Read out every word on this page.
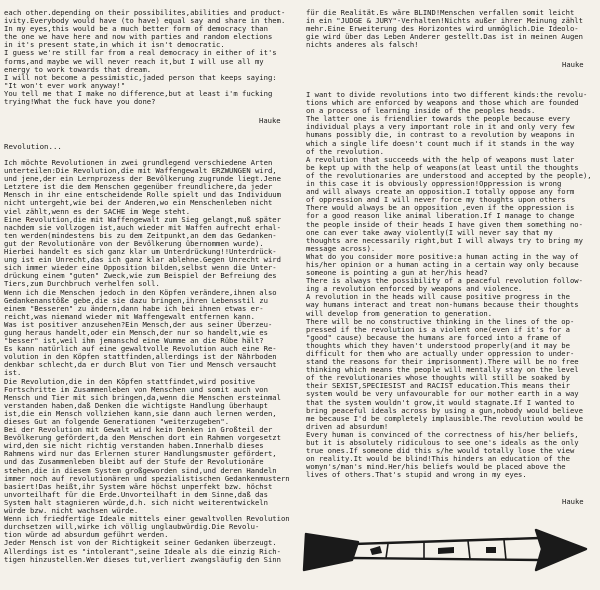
each other.depending on their possibilites,abilities and product-
ivity.Everybody would have (to have) equal say and share in them.
In my eyes,this would be a much better form of democracy than
the one we have here and now with parties and random elections
in it's present state,in which it isn't democratic.
I guess we're still far from a real democracy in either of it's
forms,and maybe we will never reach it,but I will use all my
energy to work towards that dream.
I will not become a pessimistic,jaded person that keeps saying:
"It won't ever work anyway!"
You tell me that I make no difference,but at least i'm fucking
trying!What the fuck have you done?
Hauke
Revolution...
Ich möchte Revolutionen in zwei grundlegend verschiedene Arten
unterteilen:Die Revolution,die mit Waffengewalt ERZWUNGEN wird,
und jene,der ein Lernprozess der Bevölkerung zugrunde liegt.Jene
Letztere ist die dem Menschen gegenüber freundlichere,da jeder
Mensch in ihr eine entscheidende Rolle spielt und das Individuum
nicht untergeht,wie bei der Anderen,wo ein Menschenleben nicht
viel zählt,wenn es der SACHE im Wege steht.
Eine Revolution,die mit Waffengewalt zum Sieg gelangt,muß später
nachdem sie vollzogen ist,auch wieder mit Waffen aufrecht erhal-
ten werden(mindestens bis zu dem Zeitpunkt,an dem das Gedanken-
gut der Revolutionäre von der Bevölkerung übernommen wurde).
Hierbei handelt es sich ganz klar um Unterdrückung!!Unterdrück-
ung ist ein Unrecht,das ich ganz klar ablehne.Gegen Unrecht wird
sich immer wieder eine Opposition bilden,selbst wenn die Unter-
drückung einem "guten" Zweck,wie zum Beispiel der Befreiung des
Tiers,zum Durchbruch verhelfen soll.
Wenn ich die Menschen jedoch in den Köpfen verändere,ihnen also
Gedankenanstöße gebe,die sie dazu bringen,ihren Lebensstil zu
einem "Besseren" zu ändern,dann habe ich bei ihnen etwas er-
reicht,was niemand wieder mit Waffengewalt entfernen kann.
Was ist positiver anzusehen?Ein Mensch,der aus seiner Überzeu-
gung heraus handelt,oder ein Mensch,der nur so handelt,wie es
"besser" ist,weil ihm jemanschd eine Wumme an die Rübe hält?
Es kann natürlich auf eine gewaltvolle Revolution auch eine Re-
volution in den Köpfen stattfinden,allerdings ist der Nährboden
denkbar schlecht,da er durch Blut von Tier und Mensch versaucht
ist.
Die Revolution,die in den Köpfen stattfindet,wird positive
Fortschritte im Zusammenleben von Menschen und somit auch von
Mensch und Tier mit sich bringen,da,wenn die Menschen ersteinmal
verstanden haben,daß Denken die wichtigste Handlung überhaupt
ist,die ein Mensch vollziehen kann,sie dann auch lernen werden,
dieses Gut an folgende Generationen "weiterzugeben".
Bei der Revolution mit Gewalt wird kein Denken in Großteil der
Bevölkerung gefördert,da den Menschen dort ein Rahmen vorgesetzt
wird,den sie nicht richtig verstanden haben.Innerhalb dieses
Rahmens wird nur das Erlernen sturer Handlungsmuster gefördert,
und das Zusammenleben bleibt auf der Stufe der Revolutionäre
stehen,die in diesem System großgeworden sind,und deren Handeln
immer noch auf revolutionären und spezialistischen Gedankenmustern
basiert!Das heißt,ihr System wäre höchst unperfekt bzw. höchst
unvorteilhaft für die Erde.Unvorteilhaft in dem Sinne,daß das
System halt stagnieren würde,d.h. sich nicht weiterentwickeln
würde bzw. nicht wachsen würde.
Wenn ich friedfertige Ideale mittels einer gewaltvollen Revolution
durchsetzen will,wirke ich völlig unglaubwürdig.Die Revolu-
tion würde ad absurdum geführt werden.
Jeder Mensch ist von der Richtigkeit seiner Gedanken überzeugt.
Allerdings ist es "intolerant",seine Ideale als die einzig Rich-
tigen hinzustellen.Wer dieses tut,verliert zwangsläufig den Sinn
für die Realität.Es wäre BLIND!Menschen verfallen somit leicht
in ein "JUDGE & JURY"-Verhalten!Nichts außer ihrer Meinung zählt
mehr.Eine Erweiterung des Horizontes wird unmöglich.Die Ideolo-
gie wird über das Leben Anderer gestellt.Das ist in meinen Augen
nichts anderes als falsch!
Hauke
I want to divide revolutions into two different kinds:the revolu-
tions which are enforced by weapons and those which are founded
on a process of learning inside of the peoples heads.
The latter one is friendlier towards the people because every
individual plays a very important role in it and only very few
humans possibly die, in contrast to a revolution by weapons in
which a single life doesn't count much if it stands in the way
of the revolution.
A revolution that succeeds with the help of weapons must later
be kept up with the help of weapons(at least until the thoughts
of the revolutionaries are understood and accepted by the people),
in this case it is obviously oppression!Oppression is wrong
and will always create an opposition.I totally oppose any form
of oppression and I will never force my thoughts upon others
There would always be an opposition ,even if the oppression is
for a good reason like animal liberation.If I manage to change
the people inside of their heads I have given them something no-
one can ever take away violently(I will never say that my
thoughts are necessarily right,but I will always try to bring my
message across).
What do you consider more positive:a human acting in the way of
his/her opinion or a human acting in a certain way only because
someone is pointing a gun at her/his head?
There is always the possibility of a peaceful revolution follow-
ing a revolution enforced by weapons and violence.
A revolution in the heads will cause positive progress in the
way humans interact and treat non-humans because their thoughts
will develop from generation to generation.
There will be no constructive thinking in the lines of the op-
pressed if the revolution is a violent one(even if it's for a
"good" cause) because the humans are forced into a frame of
thoughts which they haven't understood properly(and it may be
difficult for them who are actually under oppression to under-
stand the reasons for their imprisonment).There will be no free
thinking which means the people will mentally stay on the level
of the revolutionaries whose thoughts will still be soaked by
their SEXIST,SPECIESIST and RACIST education.This means their
system would be very unfavourable for our mother earth in a way
that the system wouldn't grow,it would stagnate.If I wanted to
bring peaceful ideals across by using a gun,nobody would believe
me because I'd be completely implausible.The revolution would be
driven ad absurdum!
Every human is convinced of the correctness of his/her beliefs,
but it is absolutely ridiculous to see one's ideals as the only
true ones.If someone did this s/he would totally lose the view
on reality.It would be blind!This hinders an education of the
womyn's/man's mind.Her/his beliefs would be placed above the
lives of others.That's stupid and wrong in my eyes.
Hauke
